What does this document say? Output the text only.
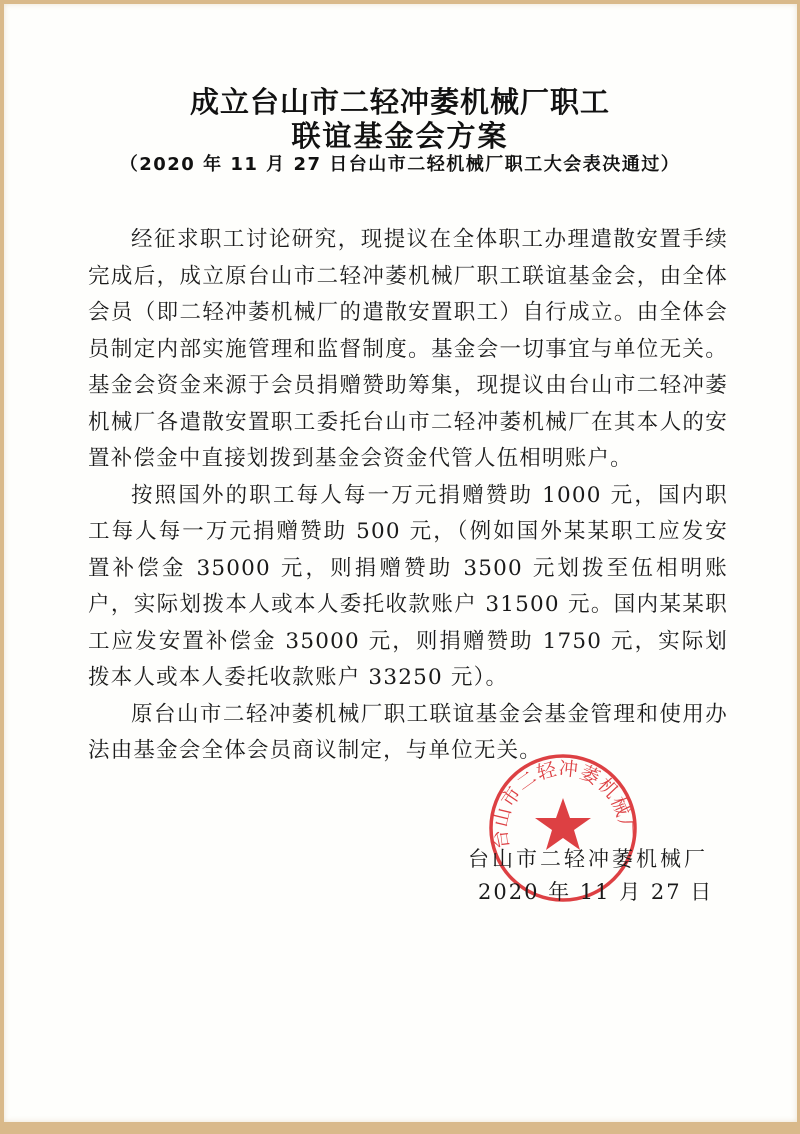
成立台山市二轻冲萎机械厂职工
联谊基金会方案
（2020 年 11 月 27 日台山市二轻机械厂职工大会表决通过）

经征求职工讨论研究，现提议在全体职工办理遣散安置手续完成后，成立原台山市二轻冲萎机械厂职工联谊基金会，由全体会员（即二轻冲萎机械厂的遣散安置职工）自行成立。由全体会员制定内部实施管理和监督制度。基金会一切事宜与单位无关。基金会资金来源于会员捐赠赞助筹集，现提议由台山市二轻冲萎机械厂各遣散安置职工委托台山市二轻冲萎机械厂在其本人的安置补偿金中直接划拨到基金会资金代管人伍相明账户。

按照国外的职工每人每一万元捐赠赞助 1000 元，国内职工每人每一万元捐赠赞助 500 元，（例如国外某某职工应发安置补偿金 35000 元，则捐赠赞助 3500 元划拨至伍相明账户，实际划拨本人或本人委托收款账户 31500 元。国内某某职工应发安置补偿金 35000 元，则捐赠赞助 1750 元，实际划拨本人或本人委托收款账户 33250 元）。

原台山市二轻冲萎机械厂职工联谊基金会基金管理和使用办法由基金会全体会员商议制定，与单位无关。

台山市二轻冲萎机械厂
台山市二轻冲萎机械厂
2020 年 11 月 27 日
